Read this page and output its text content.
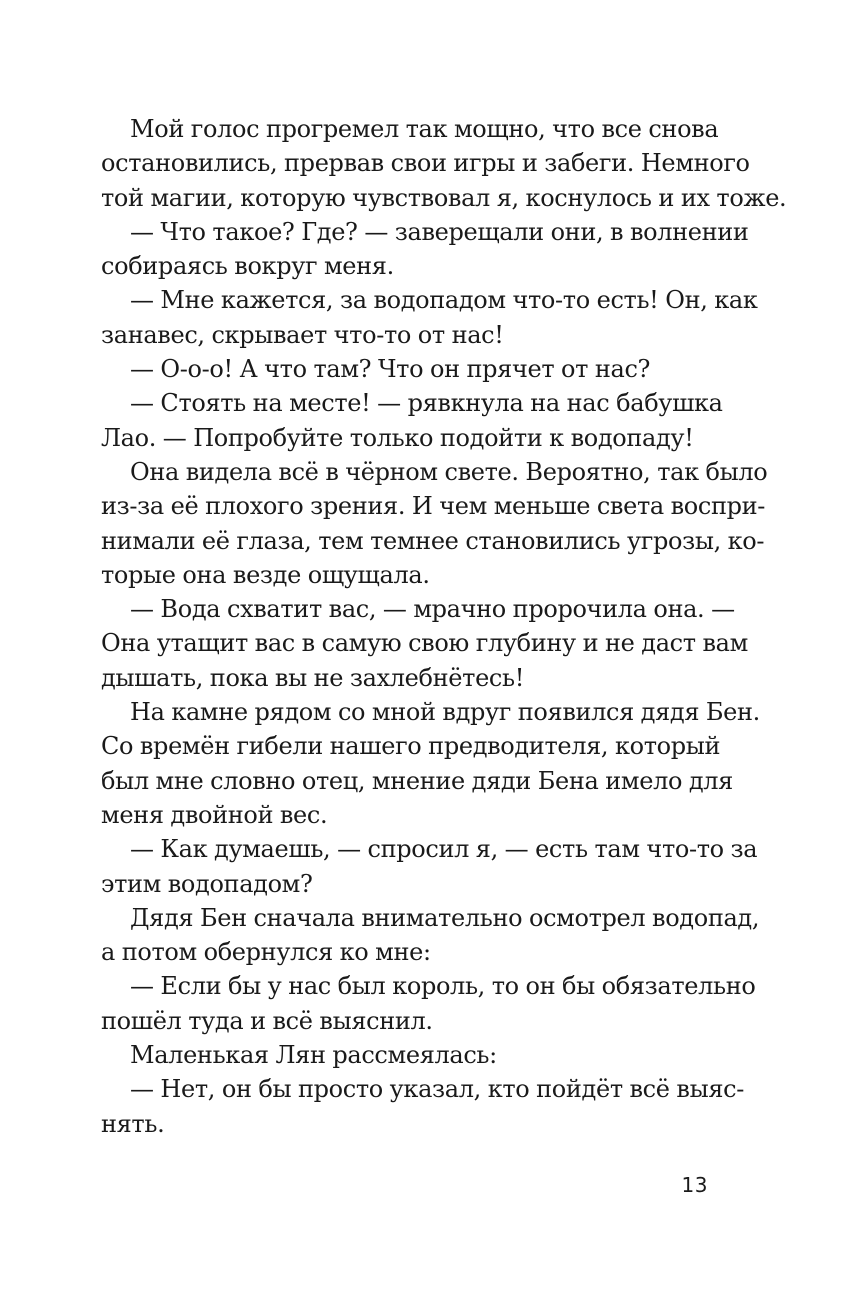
Мой голос прогремел так мощно, что все снова
остановились, прервав свои игры и забеги. Немного
той магии, которую чувствовал я, коснулось и их тоже.
— Что такое? Где? — заверещали они, в волнении
собираясь вокруг меня.
— Мне кажется, за водопадом что-то есть! Он, как
занавес, скрывает что-то от нас!
— О-о-о! А что там? Что он прячет от нас?
— Стоять на месте! — рявкнула на нас бабушка
Лао. — Попробуйте только подойти к водопаду!
Она видела всё в чёрном свете. Вероятно, так было
из-за её плохого зрения. И чем меньше света воспри-
нимали её глаза, тем темнее становились угрозы, ко-
торые она везде ощущала.
— Вода схватит вас, — мрачно пророчила она. —
Она утащит вас в самую свою глубину и не даст вам
дышать, пока вы не захлебнётесь!
На камне рядом со мной вдруг появился дядя Бен.
Со времён гибели нашего предводителя, который
был мне словно отец, мнение дяди Бена имело для
меня двойной вес.
— Как думаешь, — спросил я, — есть там что-то за
этим водопадом?
Дядя Бен сначала внимательно осмотрел водопад,
а потом обернулся ко мне:
— Если бы у нас был король, то он бы обязательно
пошёл туда и всё выяснил.
Маленькая Лян рассмеялась:
— Нет, он бы просто указал, кто пойдёт всё выяс-
нять.
13
